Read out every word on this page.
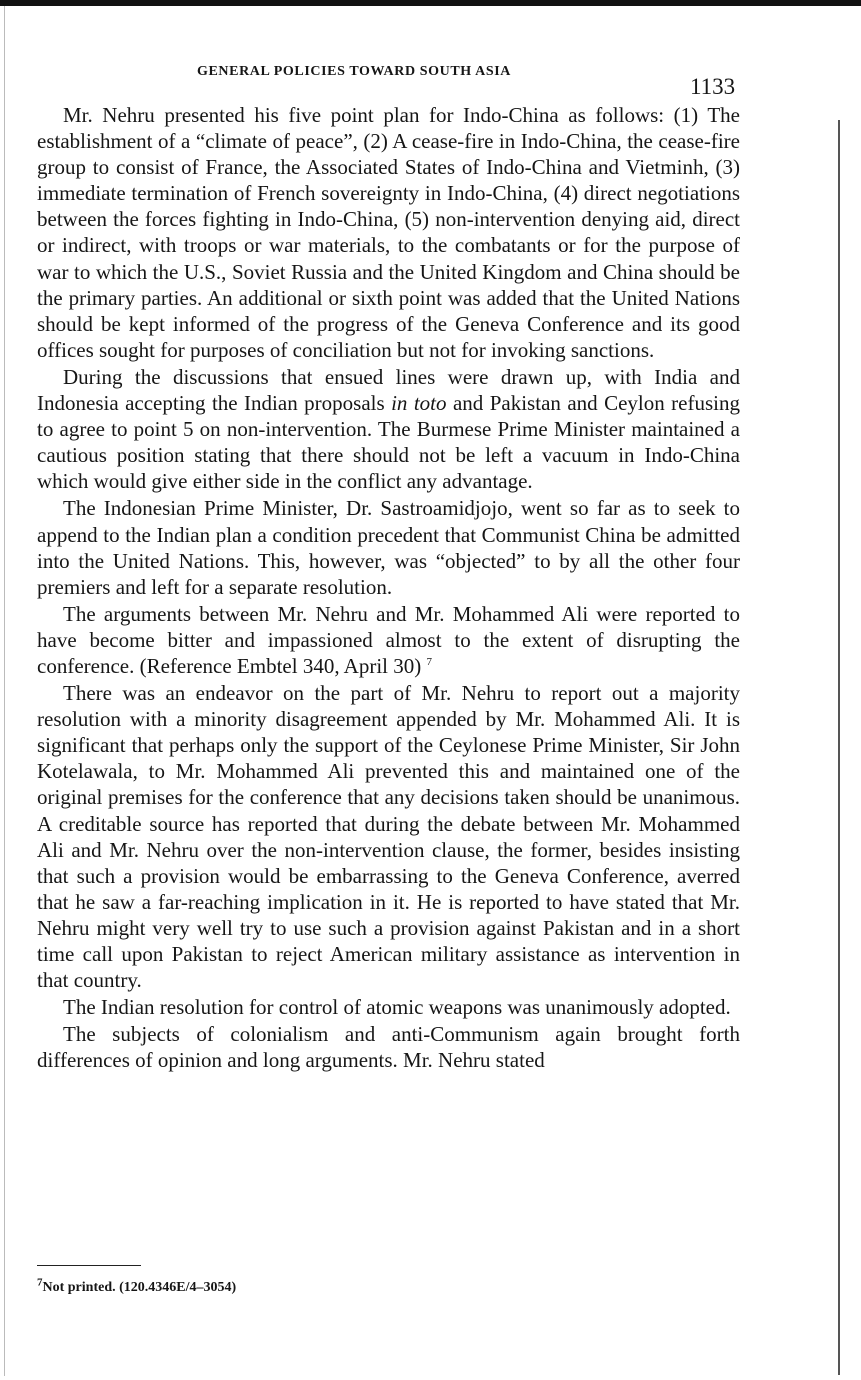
GENERAL POLICIES TOWARD SOUTH ASIA
1133

Mr. Nehru presented his five point plan for Indo-China as follows: (1) The establishment of a “climate of peace”, (2) A cease-fire in Indo-China, the cease-fire group to consist of France, the Associated States of Indo-China and Vietminh, (3) immediate termination of French sovereignty in Indo-China, (4) direct negotiations between the forces fighting in Indo-China, (5) non-intervention denying aid, direct or indirect, with troops or war materials, to the combatants or for the purpose of war to which the U.S., Soviet Russia and the United Kingdom and China should be the primary parties. An additional or sixth point was added that the United Nations should be kept informed of the progress of the Geneva Conference and its good offices sought for purposes of conciliation but not for invoking sanctions.

During the discussions that ensued lines were drawn up, with India and Indonesia accepting the Indian proposals in toto and Pakistan and Ceylon refusing to agree to point 5 on non-intervention. The Burmese Prime Minister maintained a cautious position stating that there should not be left a vacuum in Indo-China which would give either side in the conflict any advantage.

The Indonesian Prime Minister, Dr. Sastroamidjojo, went so far as to seek to append to the Indian plan a condition precedent that Communist China be admitted into the United Nations. This, however, was “objected” to by all the other four premiers and left for a separate resolution.

The arguments between Mr. Nehru and Mr. Mohammed Ali were reported to have become bitter and impassioned almost to the extent of disrupting the conference. (Reference Embtel 340, April 30) $^7$

There was an endeavor on the part of Mr. Nehru to report out a majority resolution with a minority disagreement appended by Mr. Mohammed Ali. It is significant that perhaps only the support of the Ceylonese Prime Minister, Sir John Kotelawala, to Mr. Mohammed Ali prevented this and maintained one of the original premises for the conference that any decisions taken should be unanimous. A creditable source has reported that during the debate between Mr. Mohammed Ali and Mr. Nehru over the non-intervention clause, the former, besides insisting that such a provision would be embarrassing to the Geneva Conference, averred that he saw a far-reaching implication in it. He is reported to have stated that Mr. Nehru might very well try to use such a provision against Pakistan and in a short time call upon Pakistan to reject American military assistance as intervention in that country.

The Indian resolution for control of atomic weapons was unanimously adopted.

The subjects of colonialism and anti-Communism again brought forth differences of opinion and long arguments. Mr. Nehru stated

$^7$Not printed. (120.4346E/4–3054)
